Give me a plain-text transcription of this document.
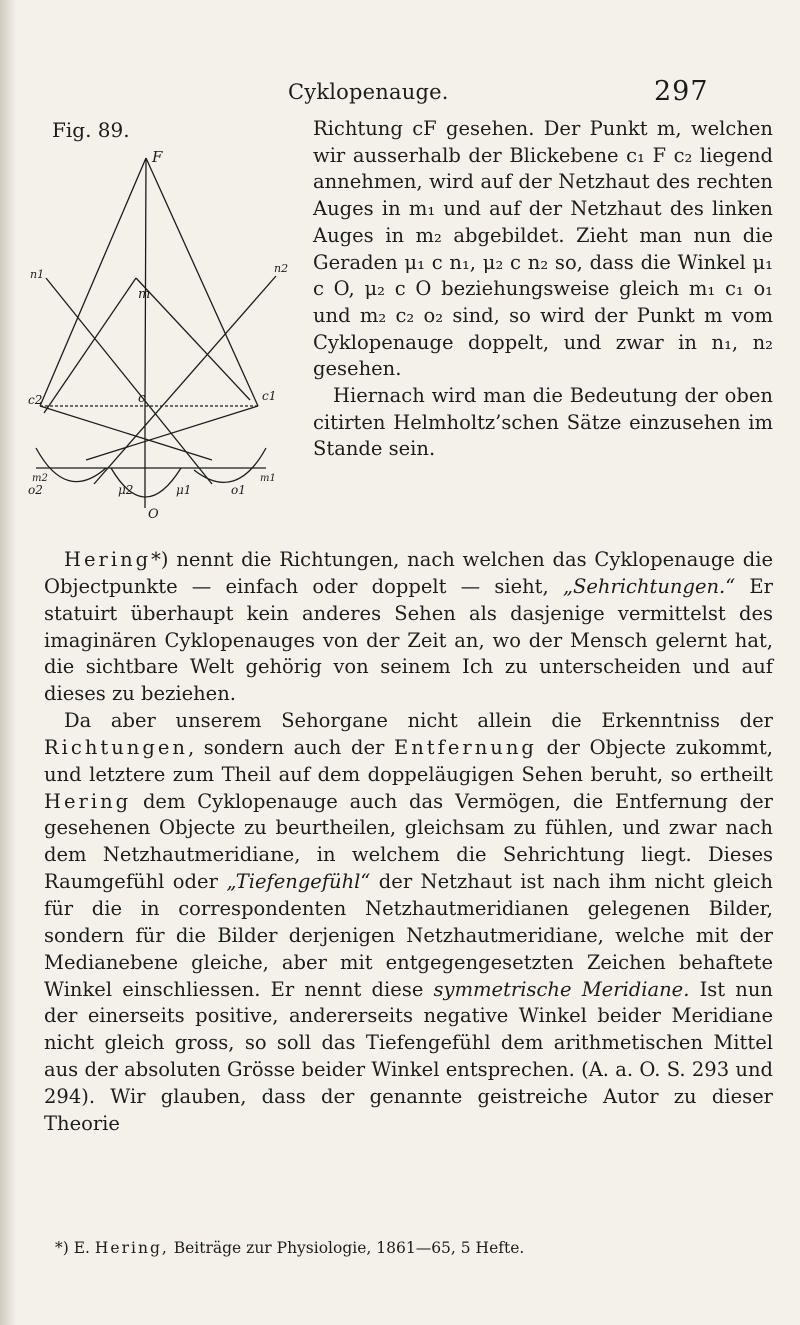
Cyklopenauge.	297
Fig. 89.
F
n1	n2
m
c2	c	c1
m2	m1
o2	μ2
O
μ1	o1

Richtung cF gesehen. Der Punkt m, welchen wir ausserhalb der Blickebene c₁ F c₂ liegend annehmen, wird auf der Netzhaut des rechten Auges in m₁ und auf der Netzhaut des linken Auges in m₂ abgebildet. Zieht man nun die Geraden μ₁ c n₁, μ₂ c n₂ so, dass die Winkel μ₁ c O, μ₂ c O beziehungsweise gleich m₁ c₁ o₁ und m₂ c₂ o₂ sind, so wird der Punkt m vom Cyklopenauge doppelt, und zwar in n₁, n₂ gesehen.

Hiernach wird man die Bedeutung der oben citirten Helmholtz’schen Sätze einzusehen im Stande sein.

Hering*) nennt die Richtungen, nach welchen das Cyklopenauge die Objectpunkte — einfach oder doppelt — sieht, „Sehrichtungen.“ Er statuirt überhaupt kein anderes Sehen als dasjenige vermittelst des imaginären Cyklopenauges von der Zeit an, wo der Mensch gelernt hat, die sichtbare Welt gehörig von seinem Ich zu unterscheiden und auf dieses zu beziehen.

Da aber unserem Sehorgane nicht allein die Erkenntniss der Richtungen, sondern auch der Entfernung der Objecte zukommt, und letztere zum Theil auf dem doppeläugigen Sehen beruht, so ertheilt Hering dem Cyklopenauge auch das Vermögen, die Entfernung der gesehenen Objecte zu beurtheilen, gleichsam zu fühlen, und zwar nach dem Netzhautmeridiane, in welchem die Sehrichtung liegt. Dieses Raumgefühl oder „Tiefengefühl“ der Netzhaut ist nach ihm nicht gleich für die in correspondenten Netzhautmeridianen gelegenen Bilder, sondern für die Bilder derjenigen Netzhautmeridiane, welche mit der Medianebene gleiche, aber mit entgegengesetzten Zeichen behaftete Winkel einschliessen. Er nennt diese symmetrische Meridiane. Ist nun der einerseits positive, andererseits negative Winkel beider Meridiane nicht gleich gross, so soll das Tiefengefühl dem arithmetischen Mittel aus der absoluten Grösse beider Winkel entsprechen. (A. a. O. S. 293 und 294). Wir glauben, dass der genannte geistreiche Autor zu dieser Theorie

*) E. Hering, Beiträge zur Physiologie, 1861—65, 5 Hefte.
